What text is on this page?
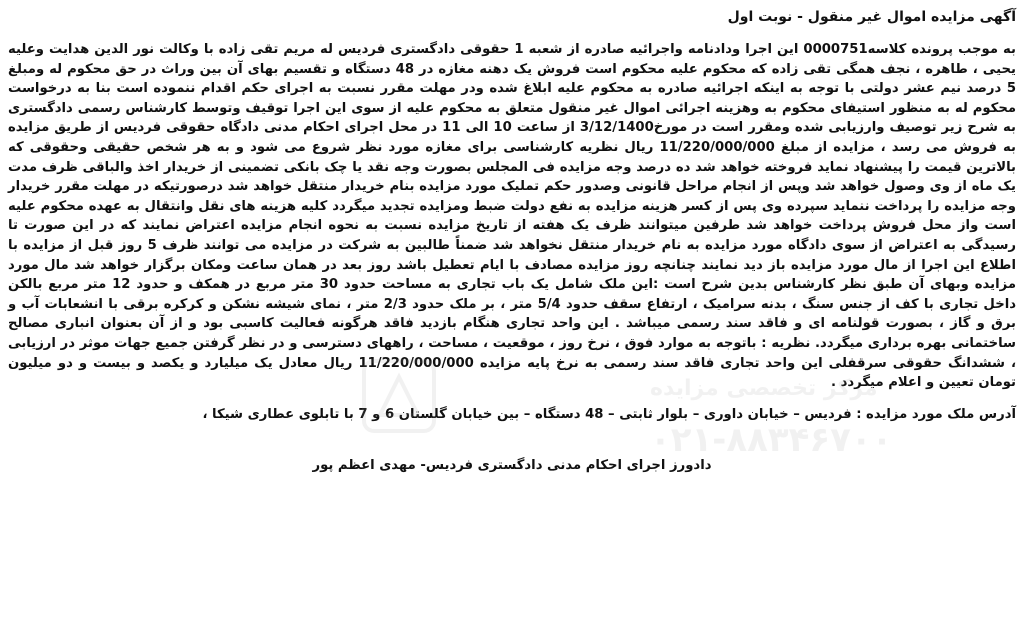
آگهی مزایده اموال غیر منقول - نوبت اول

به موجب پرونده کلاسه0000751 این اجرا ودادنامه واجرائیه صادره از شعبه 1 حقوقی دادگستری فردیس له مریم تقی زاده با وکالت نور الدین هدایت وعلیه یحیی ، طاهره ، نجف همگی تقی زاده که محکوم علیه محکوم است فروش یک دهنه مغازه در 48 دستگاه و تقسیم بهای آن بین وراث در حق محکوم له ومبلغ 5 درصد نیم عشر دولتی با توجه به اینکه اجرائیه صادره به محکوم علیه ابلاغ شده ودر مهلت مقرر نسبت به اجرای حکم اقدام ننموده است بنا به درخواست محکوم له به منظور استیفای محکوم به وهزینه اجرائی اموال غیر منقول متعلق به محکوم علیه از سوی این اجرا توقیف وتوسط کارشناس رسمی دادگستری به شرح زیر توصیف وارزیابی شده ومقرر است در مورخ3/12/1400 از ساعت 10 الی 11 در محل اجرای احکام مدنی دادگاه حقوقی فردیس از طریق مزایده به فروش می رسد ، مزایده از مبلغ 11/220/000/000 ریال نظریه کارشناسی برای مغازه مورد نظر شروع می شود و به هر شخص حقیقی وحقوقی که بالاترین قیمت را پیشنهاد نماید فروخته خواهد شد ده درصد وجه مزایده فی المجلس بصورت وجه نقد یا چک بانکی تضمینی از خریدار اخذ والباقی ظرف مدت یک ماه از وی وصول خواهد شد وپس از انجام مراحل قانونی وصدور حکم تملیک مورد مزایده بنام خریدار منتقل خواهد شد درصورتیکه در مهلت مقرر خریدار وجه مزایده را پرداخت ننماید سپرده وی پس از کسر هزینه مزایده به نفع دولت ضبط ومزایده تجدید میگردد کلیه هزینه های نقل وانتقال به عهده محکوم علیه است واز محل فروش پرداخت خواهد شد طرفین میتوانند ظرف یک هفته از تاریخ مزایده نسبت به نحوه انجام مزایده اعتراض نمایند که در این صورت تا رسیدگی به اعتراض از سوی دادگاه مورد مزایده به نام خریدار منتقل نخواهد شد ضمناً طالبین به شرکت در مزایده می توانند ظرف 5 روز قبل از مزایده با اطلاع این اجرا از مال مورد مزایده باز دید نمایند چنانچه روز مزایده مصادف با ایام تعطیل باشد روز بعد در همان ساعت ومکان برگزار خواهد شد مال مورد مزایده وبهای آن طبق نظر کارشناس بدین شرح است :این ملک شامل یک باب تجاری به مساحت حدود 30 متر مربع در همکف و حدود 12 متر مربع بالکن داخل تجاری با کف از جنس سنگ ، بدنه سرامیک ، ارتفاع سقف حدود 5/4 متر ، بر ملک حدود 2/3 متر ، نمای شیشه نشکن و کرکره برقی با انشعابات آب و برق و گاز ، بصورت قولنامه ای و فاقد سند رسمی میباشد . این واحد تجاری هنگام بازدید فاقد هرگونه فعالیت کاسبی بود و از آن بعنوان انباری مصالح ساختمانی بهره برداری میگردد. نظریه : باتوجه به موارد فوق ، نرخ روز ، موقعیت ، مساحت ، راههای دسترسی و در نظر گرفتن جمیع جهات موثر در ارزیابی ، ششدانگ حقوقی سرقفلی این واحد تجاری فاقد سند رسمی به نرخ پایه مزایده 11/220/000/000 ریال معادل یک میلیارد و یکصد و بیست و دو میلیون تومان تعیین و اعلام میگردد .

آدرس ملک مورد مزایده : فردیس – خیابان داوری – بلوار ثابتی – 48 دستگاه – بین خیابان گلستان 6 و 7 با تابلوی عطاری شیکا ،
دادورز اجرای احکام مدنی دادگستری فردیس- مهدی اعظم پور
مرکز تخصصی مزایده
۰۲۱-۸۸۳۴۶۷۰۰
